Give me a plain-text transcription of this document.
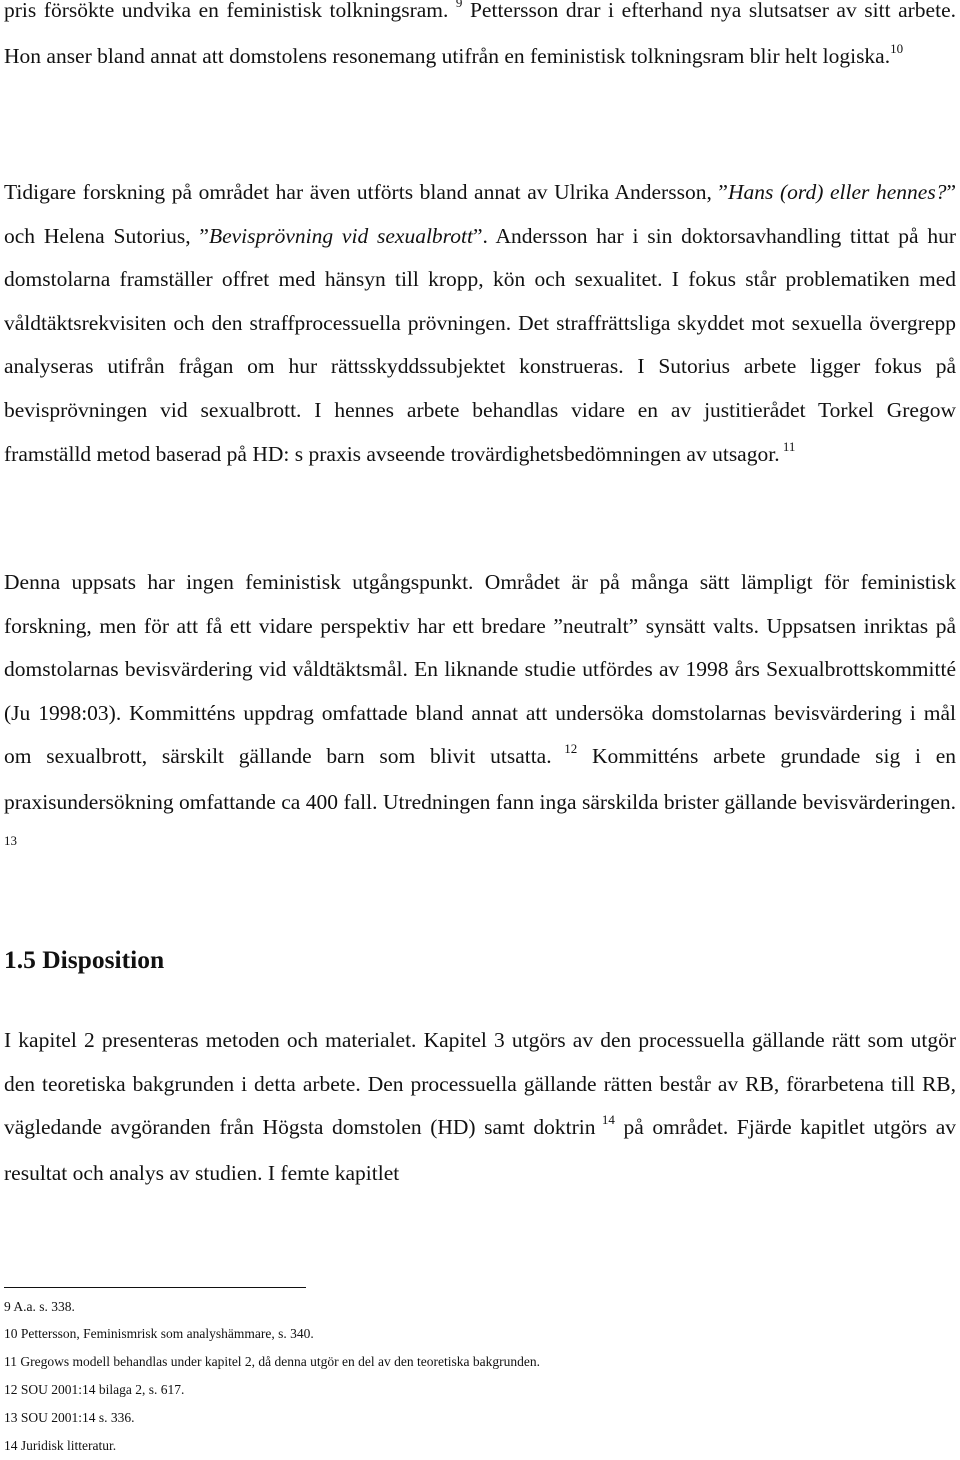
pris försökte undvika en feministisk tolkningsram. $^9$ Pettersson drar i efterhand nya slutsatser av sitt arbete. Hon anser bland annat att domstolens resonemang utifrån en feministisk tolkningsram blir helt logiska.$^{10}$

Tidigare forskning på området har även utförts bland annat av Ulrika Andersson, ”Hans (ord) eller hennes?” och Helena Sutorius, ”Bevisprövning vid sexualbrott”. Andersson har i sin doktorsavhandling tittat på hur domstolarna framställer offret med hänsyn till kropp, kön och sexualitet. I fokus står problematiken med våldtäktsrekvisiten och den straffprocessuella prövningen. Det straffrättsliga skyddet mot sexuella övergrepp analyseras utifrån frågan om hur rättsskyddssubjektet konstrueras. I Sutorius arbete ligger fokus på bevisprövningen vid sexualbrott. I hennes arbete behandlas vidare en av justitierådet Torkel Gregow framställd metod baserad på HD: s praxis avseende trovärdighetsbedömningen av utsagor. $^{11}$

Denna uppsats har ingen feministisk utgångspunkt. Området är på många sätt lämpligt för feministisk forskning, men för att få ett vidare perspektiv har ett bredare ”neutralt” synsätt valts. Uppsatsen inriktas på domstolarnas bevisvärdering vid våldtäktsmål. En liknande studie utfördes av 1998 års Sexualbrottskommitté (Ju 1998:03). Kommitténs uppdrag omfattade bland annat att undersöka domstolarnas bevisvärdering i mål om sexualbrott, särskilt gällande barn som blivit utsatta. $^{12}$ Kommitténs arbete grundade sig i en praxisundersökning omfattande ca 400 fall. Utredningen fann inga särskilda brister gällande bevisvärderingen. $^{13}$

1.5 Disposition

I kapitel 2 presenteras metoden och materialet. Kapitel 3 utgörs av den processuella gällande rätt som utgör den teoretiska bakgrunden i detta arbete. Den processuella gällande rätten består av RB, förarbetena till RB, vägledande avgöranden från Högsta domstolen (HD) samt doktrin $^{14}$ på området. Fjärde kapitlet utgörs av resultat och analys av studien. I femte kapitlet

9 A.a. s. 338.

10 Pettersson, Feminismrisk som analyshämmare, s. 340.

11 Gregows modell behandlas under kapitel 2, då denna utgör en del av den teoretiska bakgrunden.

12 SOU 2001:14 bilaga 2, s. 617.

13 SOU 2001:14 s. 336.

14 Juridisk litteratur.
